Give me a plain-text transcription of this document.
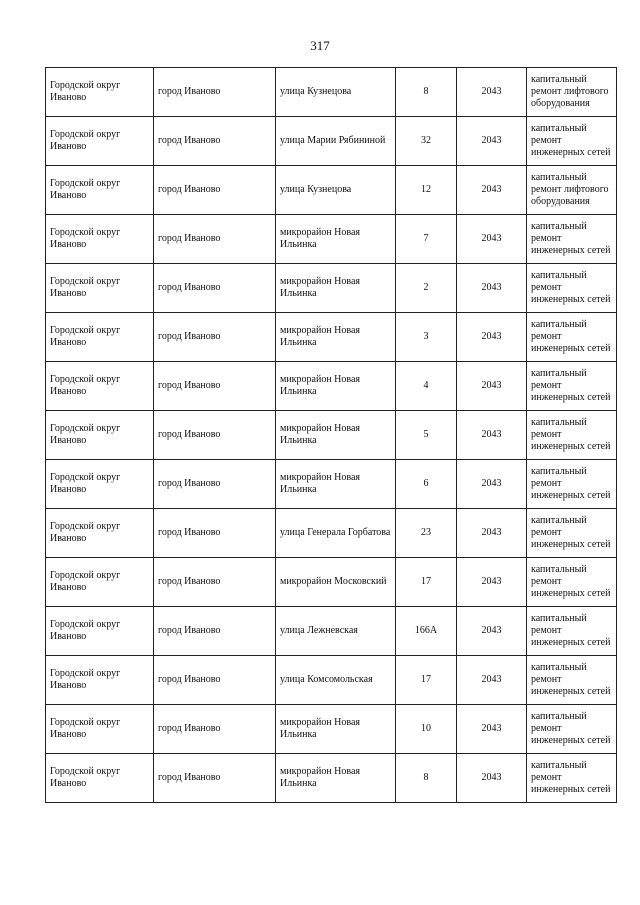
317
Городской округ Иваново	город Иваново	улица Кузнецова	8	2043	капитальный ремонт лифтового оборудования

Городской округ Иваново	город Иваново	улица Марии Рябининой	32	2043	капитальный ремонт инженерных сетей

Городской округ Иваново	город Иваново	улица Кузнецова	12	2043	капитальный ремонт лифтового оборудования

Городской округ Иваново	город Иваново	микрорайон Новая Ильинка	7	2043	капитальный ремонт инженерных сетей

Городской округ Иваново	город Иваново	микрорайон Новая Ильинка	2	2043	капитальный ремонт инженерных сетей

Городской округ Иваново	город Иваново	микрорайон Новая Ильинка	3	2043	капитальный ремонт инженерных сетей

Городской округ Иваново	город Иваново	микрорайон Новая Ильинка	4	2043	капитальный ремонт инженерных сетей

Городской округ Иваново	город Иваново	микрорайон Новая Ильинка	5	2043	капитальный ремонт инженерных сетей

Городской округ Иваново	город Иваново	микрорайон Новая Ильинка	6	2043	капитальный ремонт инженерных сетей

Городской округ Иваново	город Иваново	улица Генерала Горбатова	23	2043	капитальный ремонт инженерных сетей

Городской округ Иваново	город Иваново	микрорайон Московский	17	2043	капитальный ремонт инженерных сетей

Городской округ Иваново	город Иваново	улица Лежневская	166А	2043	капитальный ремонт инженерных сетей

Городской округ Иваново	город Иваново	улица Комсомольская	17	2043	капитальный ремонт инженерных сетей

Городской округ Иваново	город Иваново	микрорайон Новая Ильинка	10	2043	капитальный ремонт инженерных сетей

Городской округ Иваново	город Иваново	микрорайон Новая Ильинка	8	2043	капитальный ремонт инженерных сетей
